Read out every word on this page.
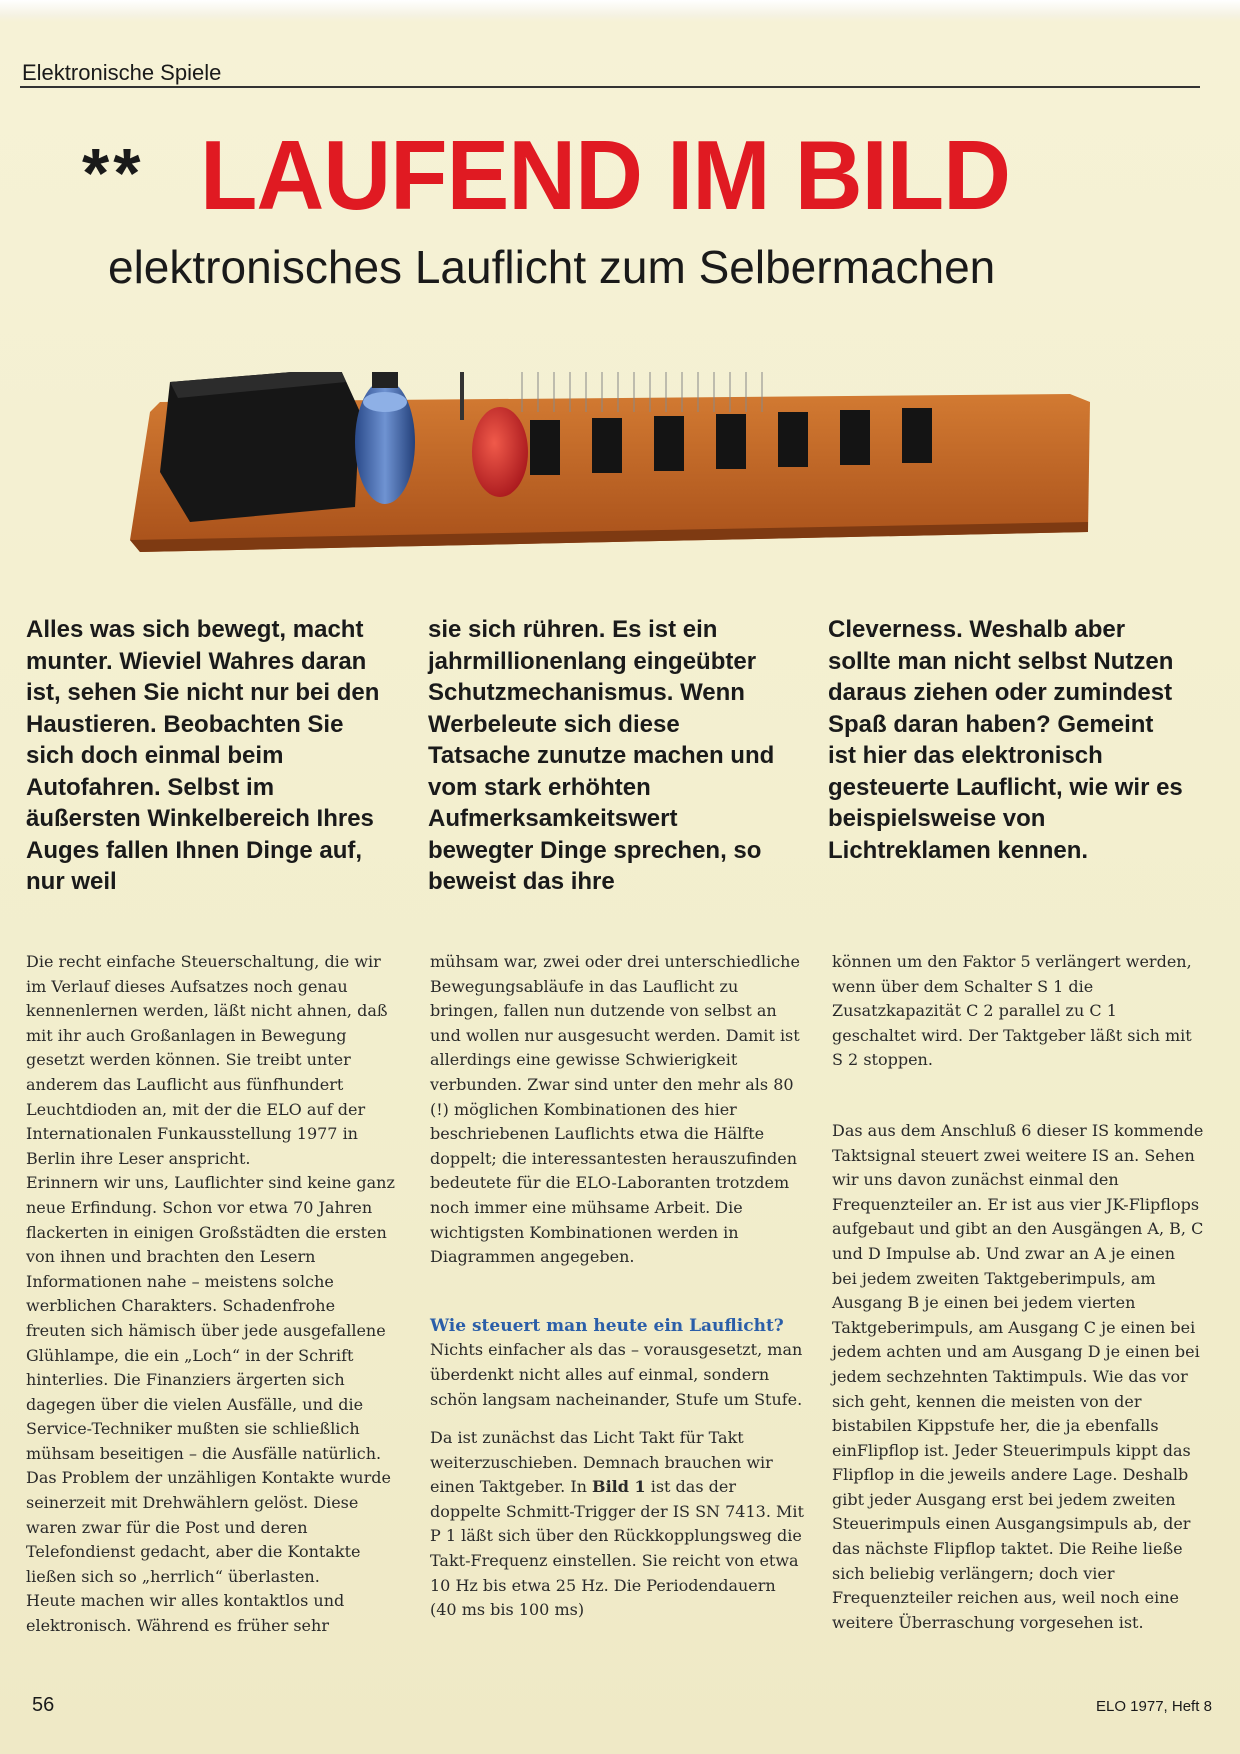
Elektronische Spiele
** LAUFEND IM BILD
elektronisches Lauflicht zum Selbermachen
Alles was sich bewegt, macht munter. Wieviel Wahres daran ist, sehen Sie nicht nur bei den Haustieren. Beobachten Sie sich doch einmal beim Autofahren. Selbst im äußersten Winkelbereich Ihres Auges fallen Ihnen Dinge auf, nur weil
sie sich rühren. Es ist ein jahrmillionenlang eingeübter Schutzmechanismus. Wenn Werbeleute sich diese Tatsache zunutze machen und vom stark erhöhten Aufmerksamkeitswert bewegter Dinge sprechen, so beweist das ihre
Cleverness. Weshalb aber sollte man nicht selbst Nutzen daraus ziehen oder zumindest Spaß daran haben? Gemeint ist hier das elektronisch gesteuerte Lauflicht, wie wir es beispielsweise von Lichtreklamen kennen.

Die recht einfache Steuerschaltung, die wir im Verlauf dieses Aufsatzes noch genau kennenlernen werden, läßt nicht ahnen, daß mit ihr auch Großanlagen in Bewegung gesetzt werden können. Sie treibt unter anderem das Lauflicht aus fünfhundert Leuchtdioden an, mit der die ELO auf der Internationalen Funkausstellung 1977 in Berlin ihre Leser anspricht.

Erinnern wir uns, Lauflichter sind keine ganz neue Erfindung. Schon vor etwa 70 Jahren flackerten in einigen Großstädten die ersten von ihnen und brachten den Lesern Informationen nahe – meistens solche werblichen Charakters. Schadenfrohe freuten sich hämisch über jede ausgefallene Glühlampe, die ein „Loch“ in der Schrift hinterlies. Die Finanziers ärgerten sich dagegen über die vielen Ausfälle, und die Service-Techniker mußten sie schließlich mühsam beseitigen – die Ausfälle natürlich. Das Problem der unzähligen Kontakte wurde seinerzeit mit Drehwählern gelöst. Diese waren zwar für die Post und deren Telefondienst gedacht, aber die Kontakte ließen sich so „herrlich“ überlasten.

Heute machen wir alles kontaktlos und elektronisch. Während es früher sehr

mühsam war, zwei oder drei unterschiedliche Bewegungsabläufe in das Lauflicht zu bringen, fallen nun dutzende von selbst an und wollen nur ausgesucht werden. Damit ist allerdings eine gewisse Schwierigkeit verbunden. Zwar sind unter den mehr als 80 (!) möglichen Kombinationen des hier beschriebenen Lauflichts etwa die Hälfte doppelt; die interessantesten herauszufinden bedeutete für die ELO-Laboranten trotzdem noch immer eine mühsame Arbeit. Die wichtigsten Kombinationen werden in Diagrammen angegeben.

Wie steuert man heute ein Lauflicht?

Nichts einfacher als das – vorausgesetzt, man überdenkt nicht alles auf einmal, sondern schön langsam nacheinander, Stufe um Stufe.

Da ist zunächst das Licht Takt für Takt weiterzuschieben. Demnach brauchen wir einen Taktgeber. In Bild 1 ist das der doppelte Schmitt-Trigger der IS SN 7413. Mit P 1 läßt sich über den Rückkopplungsweg die Takt-Frequenz einstellen. Sie reicht von etwa 10 Hz bis etwa 25 Hz. Die Periodendauern (40 ms bis 100 ms)

können um den Faktor 5 verlängert werden, wenn über dem Schalter S 1 die Zusatzkapazität C 2 parallel zu C 1 geschaltet wird. Der Taktgeber läßt sich mit S 2 stoppen.

Das aus dem Anschluß 6 dieser IS kommende Taktsignal steuert zwei weitere IS an. Sehen wir uns davon zunächst einmal den Frequenzteiler an. Er ist aus vier JK-Flipflops aufgebaut und gibt an den Ausgängen A, B, C und D Impulse ab. Und zwar an A je einen bei jedem zweiten Taktgeberimpuls, am Ausgang B je einen bei jedem vierten Taktgeberimpuls, am Ausgang C je einen bei jedem achten und am Ausgang D je einen bei jedem sechzehnten Taktimpuls. Wie das vor sich geht, kennen die meisten von der bistabilen Kippstufe her, die ja ebenfalls einFlipflop ist. Jeder Steuerimpuls kippt das Flipflop in die jeweils andere Lage. Deshalb gibt jeder Ausgang erst bei jedem zweiten Steuerimpuls einen Ausgangsimpuls ab, der das nächste Flipflop taktet. Die Reihe ließe sich beliebig verlängern; doch vier Frequenzteiler reichen aus, weil noch eine weitere Überraschung vorgesehen ist.

56	ELO 1977, Heft 8
